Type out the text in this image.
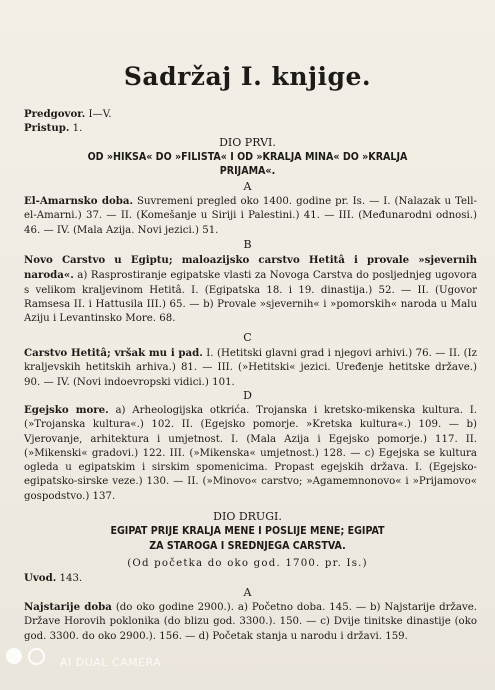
Sadržaj I. knjige.
Predgovor. I—V.
Pristup. 1.
DIO PRVI.
OD »HIKSA« DO »FILISTA« I OD »KRALJA MINA« DO »KRALJA
PRIJAMA«.
A
El-Amarnsko doba. Suvremeni pregled oko 1400. godine pr. Is. — I. (Nalazak u Tell-el-Amarni.) 37. — II. (Komešanje u Siriji i Palestini.) 41. — III. (Međunarodni odnosi.) 46. — IV. (Mala Azija. Novi jezici.) 51.
B
Novo Carstvo u Egiptu; maloazijsko carstvo Hetitâ i provale »sjevernih naroda«. a) Rasprostiranje egipatske vlasti za Novoga Carstva do posljednjeg ugovora s velikom kraljevinom Hetitâ. I. (Egipatska 18. i 19. dinastija.) 52. — II. (Ugovor Ramsesa II. i Hattusila III.) 65. — b) Provale »sjevernih« i »pomorskih« naroda u Malu Aziju i Levantinsko More. 68.
C
Carstvo Hetitâ; vršak mu i pad. I. (Hetitski glavni grad i njegovi arhivi.) 76. — II. (Iz kraljevskih hetitskih arhiva.) 81. — III. (»Hetitski« jezici. Uređenje hetitske države.) 90. — IV. (Novi indoevropski vidici.) 101.
D
Egejsko more. a) Arheologijska otkrića. Trojanska i kretsko-mikenska kultura. I. (»Trojanska kultura«.) 102. II. (Egejsko pomorje. »Kretska kultura«.) 109. — b) Vjerovanje, arhitektura i umjetnost. I. (Mala Azija i Egejsko pomorje.) 117. II. (»Mikenski« gradovi.) 122. III. (»Mikenska« umjetnost.) 128. — c) Egejska se kultura ogleda u egipatskim i sirskim spomenicima. Propast egejskih država. I. (Egejsko-egipatsko-sirske veze.) 130. — II. (»Minovo« carstvo; »Agamemnonovo« i »Prijamovo« gospodstvo.) 137.
DIO DRUGI.
EGIPAT PRIJE KRALJA MENE I POSLIJE MENE; EGIPAT
ZA STAROGA I SREDNJEGA CARSTVA.
(Od početka do oko god. 1700. pr. Is.)
Uvod. 143.
A
Najstarije doba (do oko godine 2900.). a) Početno doba. 145. — b) Najstarije države. Države Horovih poklonika (do blizu god. 3300.). 150. — c) Dvije tinitske dinastije (oko god. 3300. do oko 2900.). 156. — d) Početak stanja u narodu i državi. 159.
AI DUAL CAMERA
